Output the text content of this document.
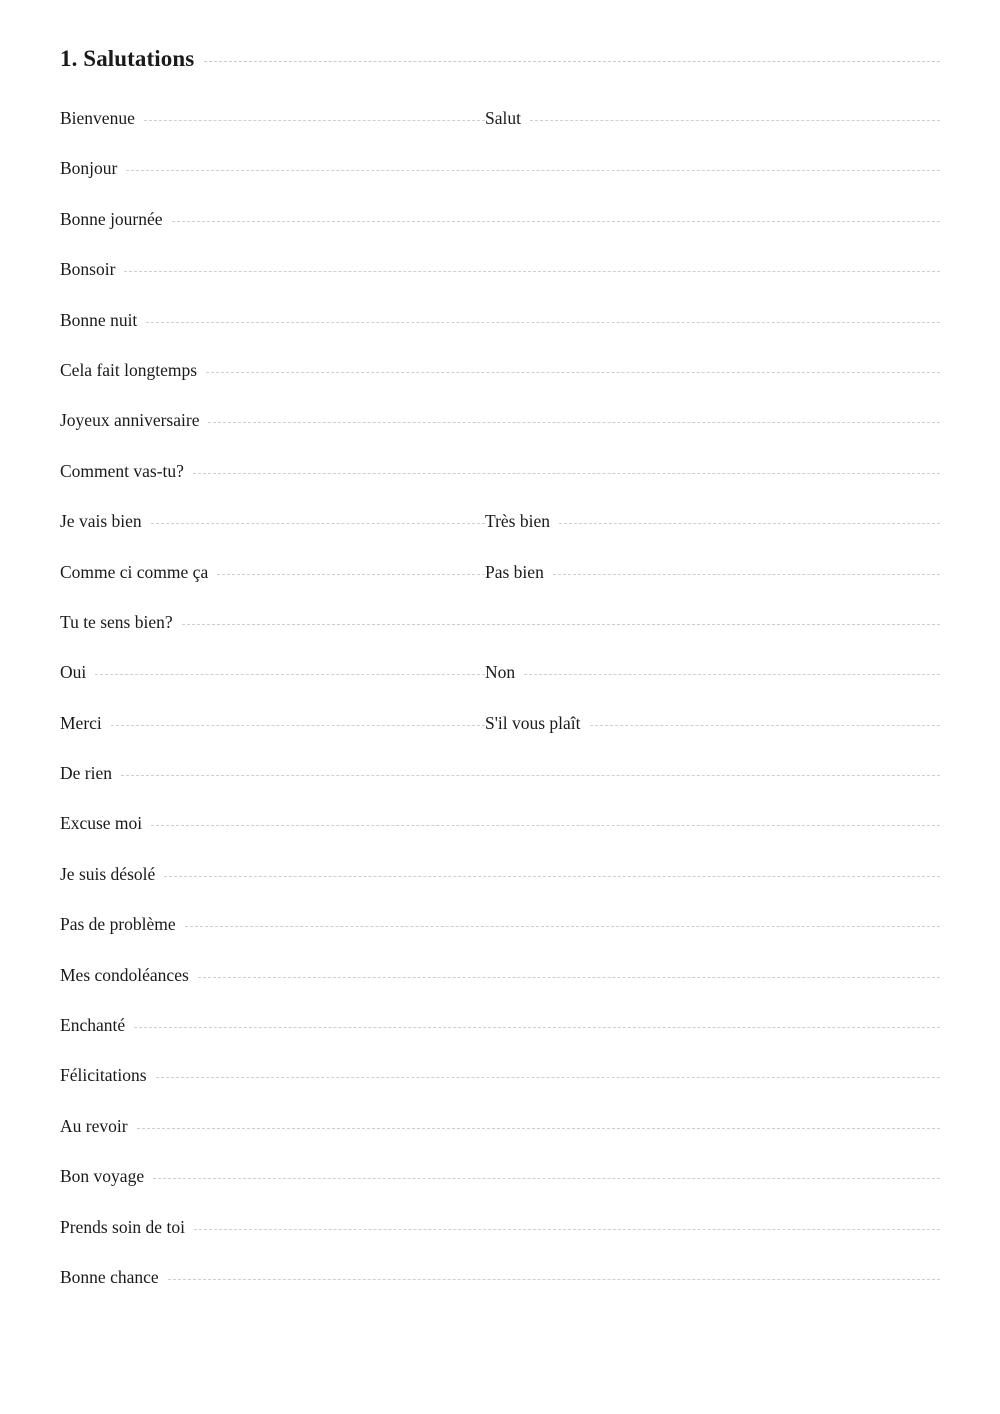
1. Salutations
Bienvenue	Salut
Bonjour
Bonne journée
Bonsoir
Bonne nuit
Cela fait longtemps
Joyeux anniversaire
Comment vas-tu?
Je vais bien	Très bien
Comme ci comme ça	Pas bien
Tu te sens bien?
Oui	Non
Merci	S'il vous plaît
De rien
Excuse moi
Je suis désolé
Pas de problème
Mes condoléances
Enchanté
Félicitations
Au revoir
Bon voyage
Prends soin de toi
Bonne chance
